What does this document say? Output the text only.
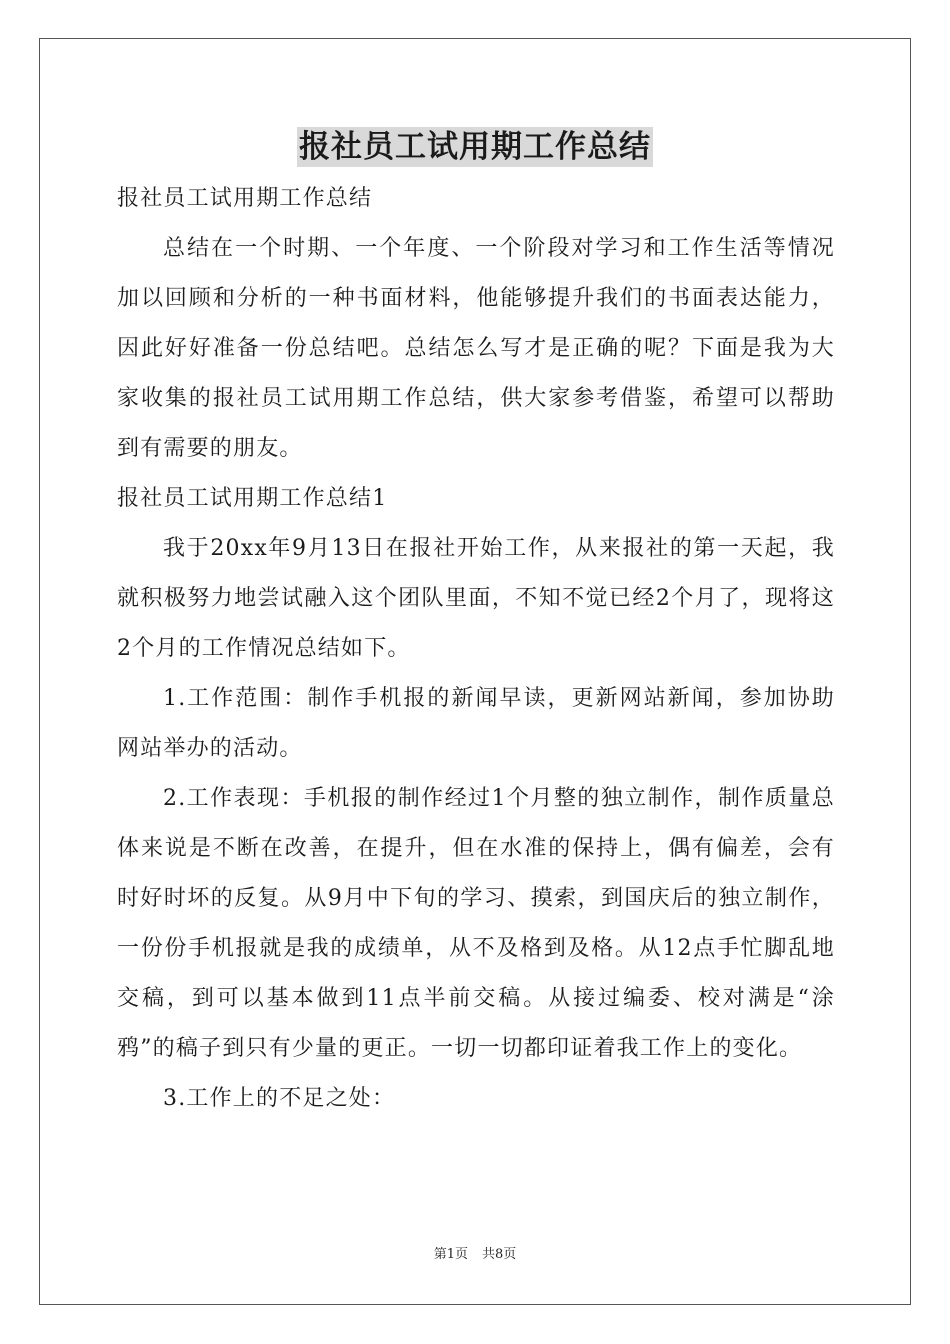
报社员工试用期工作总结

报社员工试用期工作总结

总结在一个时期、一个年度、一个阶段对学习和工作生活等情况加以回顾和分析的一种书面材料，他能够提升我们的书面表达能力，因此好好准备一份总结吧。总结怎么写才是正确的呢？下面是我为大家收集的报社员工试用期工作总结，供大家参考借鉴，希望可以帮助到有需要的朋友。

报社员工试用期工作总结1

我于20xx年9月13日在报社开始工作，从来报社的第一天起，我就积极努力地尝试融入这个团队里面，不知不觉已经2个月了，现将这2个月的工作情况总结如下。

1.工作范围：制作手机报的新闻早读，更新网站新闻，参加协助网站举办的活动。

2.工作表现：手机报的制作经过1个月整的独立制作，制作质量总体来说是不断在改善，在提升，但在水准的保持上，偶有偏差，会有时好时坏的反复。从9月中下旬的学习、摸索，到国庆后的独立制作，一份份手机报就是我的成绩单，从不及格到及格。从12点手忙脚乱地交稿，到可以基本做到11点半前交稿。从接过编委、校对满是“涂鸦”的稿子到只有少量的更正。一切一切都印证着我工作上的变化。

3.工作上的不足之处：

第1页 共8页
